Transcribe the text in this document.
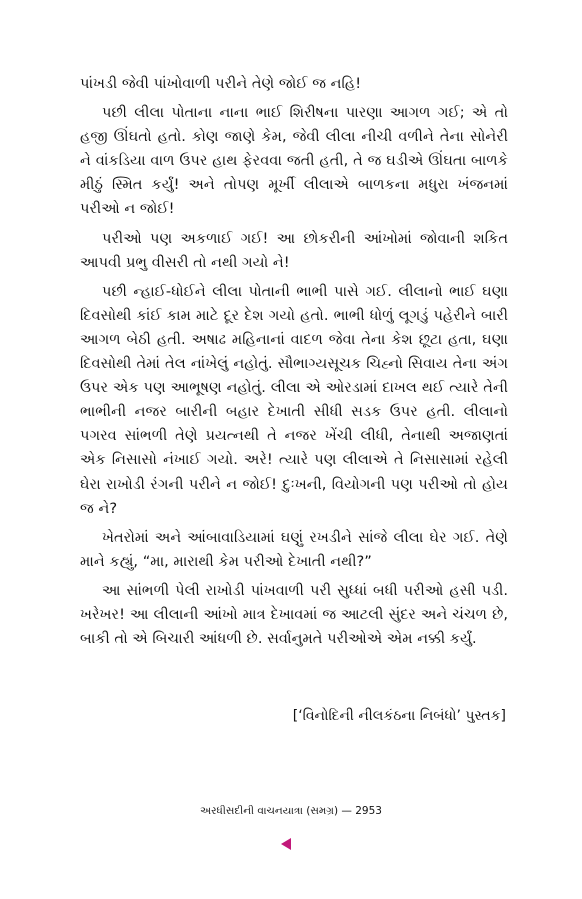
પાંખડી જેવી પાંખોવાળી પરીને તેણે જોઈ જ નહિ!

પછી લીલા પોતાના નાના ભાઈ શિરીષના પારણા આગળ ગઈ; એ તો હજી ઊંઘતો હતો. કોણ જાણે કેમ, જેવી લીલા નીચી વળીને તેના સોનેરી ને વાંકડિયા વાળ ઉપર હાથ ફેરવવા જતી હતી, તે જ ઘડીએ ઊંઘતા બાળકે મીઠું સ્મિત કર્યું! અને તોપણ મૂર્ખી લીલાએ બાળકના મધુરા ખંજનમાં પરીઓ ન જોઈ!

પરીઓ પણ અકળાઈ ગઈ! આ છોકરીની આંખોમાં જોવાની શકિત આપવી પ્રભુ વીસરી તો નથી ગયો ને!

પછી ન્હાઈ-ધોઈને લીલા પોતાની ભાભી પાસે ગઈ. લીલાનો ભાઈ ઘણા દિવસોથી કાંઈ કામ માટે દૂર દેશ ગયો હતો. ભાભી ધોળું લૂગડું પહેરીને બારી આગળ બેઠી હતી. અષાઢ મહિનાનાં વાદળ જેવા તેના કેશ છૂટા હતા, ઘણા દિવસોથી તેમાં તેલ નાંખેલું નહોતું. સૌભાગ્યસૂચક ચિહ્નો સિવાય તેના અંગ ઉપર એક પણ આભૂષણ નહોતું. લીલા એ ઓરડામાં દાખલ થઈ ત્યારે તેની ભાભીની નજર બારીની બહાર દેખાતી સીધી સડક ઉપર હતી. લીલાનો પગરવ સાંભળી તેણે પ્રયત્નથી તે નજર ખેંચી લીધી, તેનાથી અજાણતાં એક નિસાસો નંખાઈ ગયો. અરે! ત્યારે પણ લીલાએ તે નિસાસામાં રહેલી ઘેરા રાખોડી રંગની પરીને ન જોઈ! દુઃખની, વિયોગની પણ પરીઓ તો હોય જ ને?

ખેતરોમાં અને આંબાવાડિયામાં ઘણું રખડીને સાંજે લીલા ઘેર ગઈ. તેણે માને કહ્યું, “મા, મારાથી કેમ પરીઓ દેખાતી નથી?”

આ સાંભળી પેલી રાખોડી પાંખવાળી પરી સુધ્ધાં બધી પરીઓ હસી પડી. ખરેખર! આ લીલાની આંખો માત્ર દેખાવમાં જ આટલી સુંદર અને ચંચળ છે, બાકી તો એ બિચારી આંધળી છે. સર્વાનુમતે પરીઓએ એમ નક્કી કર્યું.

[‘વિનોદિની નીલકંઠના નિબંધો’ પુસ્તક]
અરધીસદીની વાચનયાત્રા (સમગ્ર) — 2953
